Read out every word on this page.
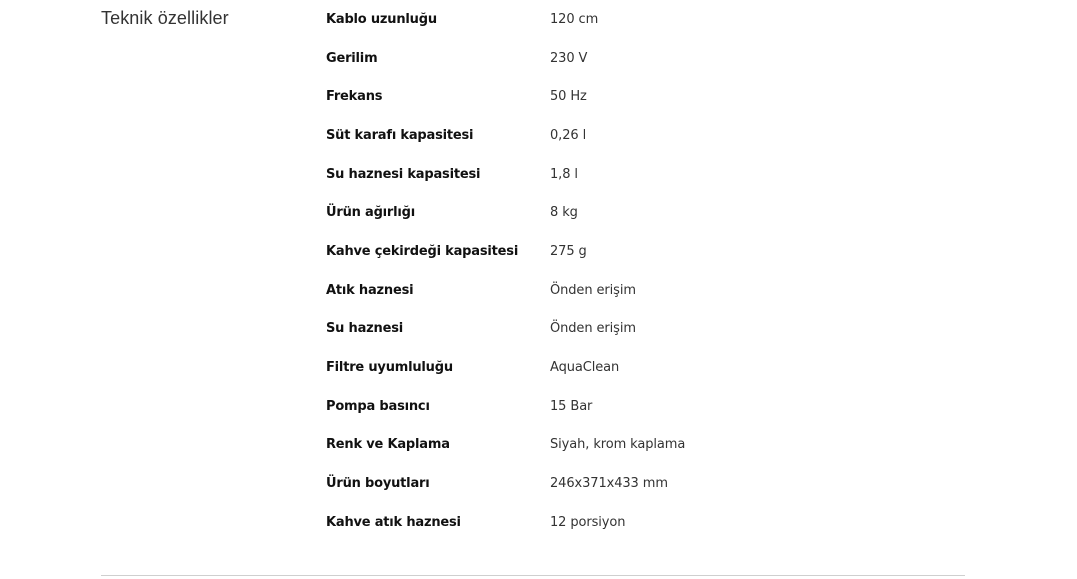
Teknik özellikler	Kablo uzunluğu	120 cm
Gerilim	230 V
Frekans	50 Hz
Süt karafı kapasitesi	0,26 l
Su haznesi kapasitesi	1,8 l
Ürün ağırlığı	8 kg
Kahve çekirdeği kapasitesi	275 g
Atık haznesi	Önden erişim
Su haznesi	Önden erişim
Filtre uyumluluğu	AquaClean
Pompa basıncı	15 Bar
Renk ve Kaplama	Siyah, krom kaplama
Ürün boyutları	246x371x433 mm
Kahve atık haznesi	12 porsiyon
